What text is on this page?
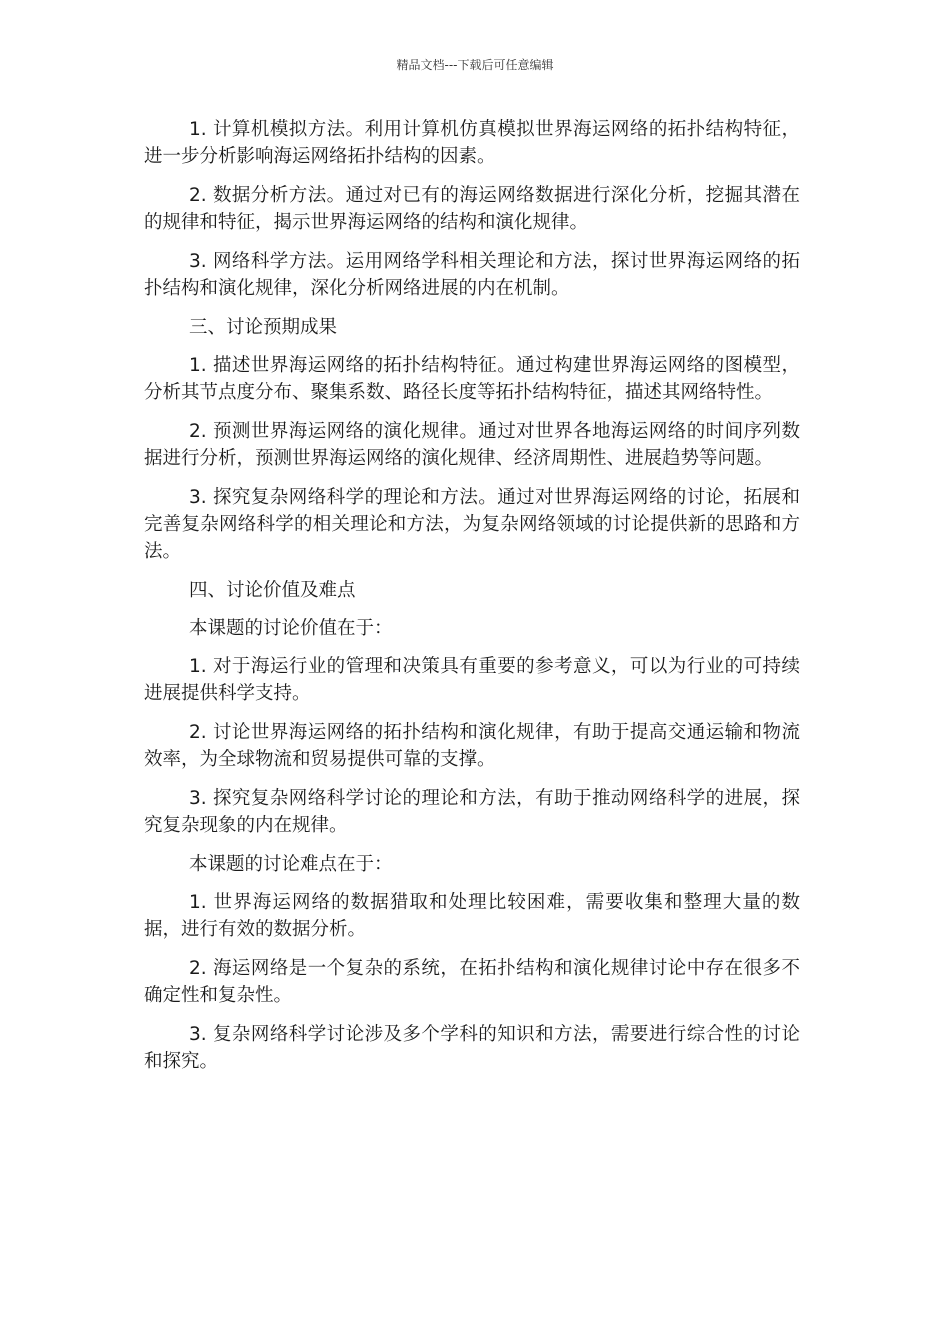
精品文档---下载后可任意编辑

1. 计算机模拟方法。利用计算机仿真模拟世界海运网络的拓扑结构特征，进一步分析影响海运网络拓扑结构的因素。

2. 数据分析方法。通过对已有的海运网络数据进行深化分析，挖掘其潜在的规律和特征，揭示世界海运网络的结构和演化规律。

3. 网络科学方法。运用网络学科相关理论和方法，探讨世界海运网络的拓扑结构和演化规律，深化分析网络进展的内在机制。

三、讨论预期成果

1. 描述世界海运网络的拓扑结构特征。通过构建世界海运网络的图模型，分析其节点度分布、聚集系数、路径长度等拓扑结构特征，描述其网络特性。

2. 预测世界海运网络的演化规律。通过对世界各地海运网络的时间序列数据进行分析，预测世界海运网络的演化规律、经济周期性、进展趋势等问题。

3. 探究复杂网络科学的理论和方法。通过对世界海运网络的讨论，拓展和完善复杂网络科学的相关理论和方法，为复杂网络领域的讨论提供新的思路和方法。

四、讨论价值及难点

本课题的讨论价值在于：

1. 对于海运行业的管理和决策具有重要的参考意义，可以为行业的可持续进展提供科学支持。

2. 讨论世界海运网络的拓扑结构和演化规律，有助于提高交通运输和物流效率，为全球物流和贸易提供可靠的支撑。

3. 探究复杂网络科学讨论的理论和方法，有助于推动网络科学的进展，探究复杂现象的内在规律。

本课题的讨论难点在于：

1. 世界海运网络的数据猎取和处理比较困难，需要收集和整理大量的数据，进行有效的数据分析。

2. 海运网络是一个复杂的系统，在拓扑结构和演化规律讨论中存在很多不确定性和复杂性。

3. 复杂网络科学讨论涉及多个学科的知识和方法，需要进行综合性的讨论和探究。
